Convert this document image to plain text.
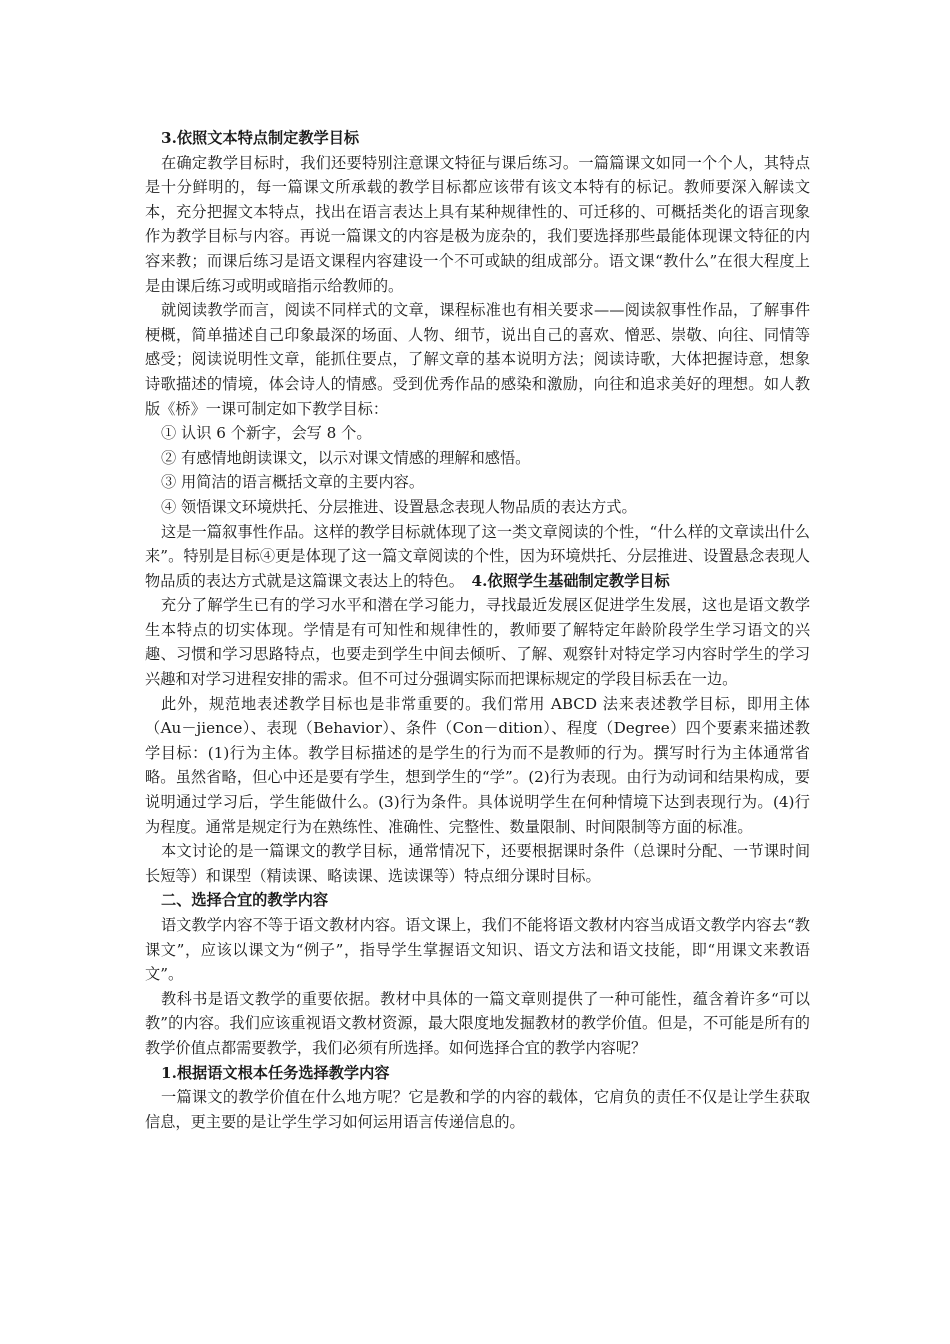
3.依照文本特点制定教学目标

在确定教学目标时，我们还要特别注意课文特征与课后练习。一篇篇课文如同一个个人，其特点是十分鲜明的，每一篇课文所承载的教学目标都应该带有该文本特有的标记。教师要深入解读文本，充分把握文本特点，找出在语言表达上具有某种规律性的、可迁移的、可概括类化的语言现象作为教学目标与内容。再说一篇课文的内容是极为庞杂的，我们要选择那些最能体现课文特征的内容来教；而课后练习是语文课程内容建设一个不可或缺的组成部分。语文课“教什么”在很大程度上是由课后练习或明或暗指示给教师的。

就阅读教学而言，阅读不同样式的文章，课程标准也有相关要求——阅读叙事性作品，了解事件梗概，简单描述自己印象最深的场面、人物、细节，说出自己的喜欢、憎恶、崇敬、向往、同情等感受；阅读说明性文章，能抓住要点，了解文章的基本说明方法；阅读诗歌，大体把握诗意，想象诗歌描述的情境，体会诗人的情感。受到优秀作品的感染和激励，向往和追求美好的理想。如人教版《桥》一课可制定如下教学目标：

① 认识 6 个新字，会写 8 个。

② 有感情地朗读课文，以示对课文情感的理解和感悟。

③ 用简洁的语言概括文章的主要内容。

④ 领悟课文环境烘托、分层推进、设置悬念表现人物品质的表达方式。

这是一篇叙事性作品。这样的教学目标就体现了这一类文章阅读的个性，“什么样的文章读出什么来”。特别是目标④更是体现了这一篇文章阅读的个性，因为环境烘托、分层推进、设置悬念表现人物品质的表达方式就是这篇课文表达上的特色。　4.依照学生基础制定教学目标

充分了解学生已有的学习水平和潜在学习能力，寻找最近发展区促进学生发展，这也是语文教学生本特点的切实体现。学情是有可知性和规律性的，教师要了解特定年龄阶段学生学习语文的兴趣、习惯和学习思路特点，也要走到学生中间去倾听、了解、观察针对特定学习内容时学生的学习兴趣和对学习进程安排的需求。但不可过分强调实际而把课标规定的学段目标丢在一边。

此外，规范地表述教学目标也是非常重要的。我们常用 ABCD 法来表述教学目标，即用主体（Au－jience）、表现（Behavior）、条件（Con－dition）、程度（Degree）四个要素来描述教学目标：(1)行为主体。教学目标描述的是学生的行为而不是教师的行为。撰写时行为主体通常省略。虽然省略，但心中还是要有学生，想到学生的“学”。(2)行为表现。由行为动词和结果构成，要说明通过学习后，学生能做什么。(3)行为条件。具体说明学生在何种情境下达到表现行为。(4)行为程度。通常是规定行为在熟练性、准确性、完整性、数量限制、时间限制等方面的标准。

本文讨论的是一篇课文的教学目标，通常情况下，还要根据课时条件（总课时分配、一节课时间长短等）和课型（精读课、略读课、选读课等）特点细分课时目标。

二、选择合宜的教学内容

语文教学内容不等于语文教材内容。语文课上，我们不能将语文教材内容当成语文教学内容去“教课文”，应该以课文为“例子”，指导学生掌握语文知识、语文方法和语文技能，即“用课文来教语文”。

教科书是语文教学的重要依据。教材中具体的一篇文章则提供了一种可能性，蕴含着许多“可以教”的内容。我们应该重视语文教材资源，最大限度地发掘教材的教学价值。但是，不可能是所有的教学价值点都需要教学，我们必须有所选择。如何选择合宜的教学内容呢？

1.根据语文根本任务选择教学内容

一篇课文的教学价值在什么地方呢？它是教和学的内容的载体，它肩负的责任不仅是让学生获取信息，更主要的是让学生学习如何运用语言传递信息的。
